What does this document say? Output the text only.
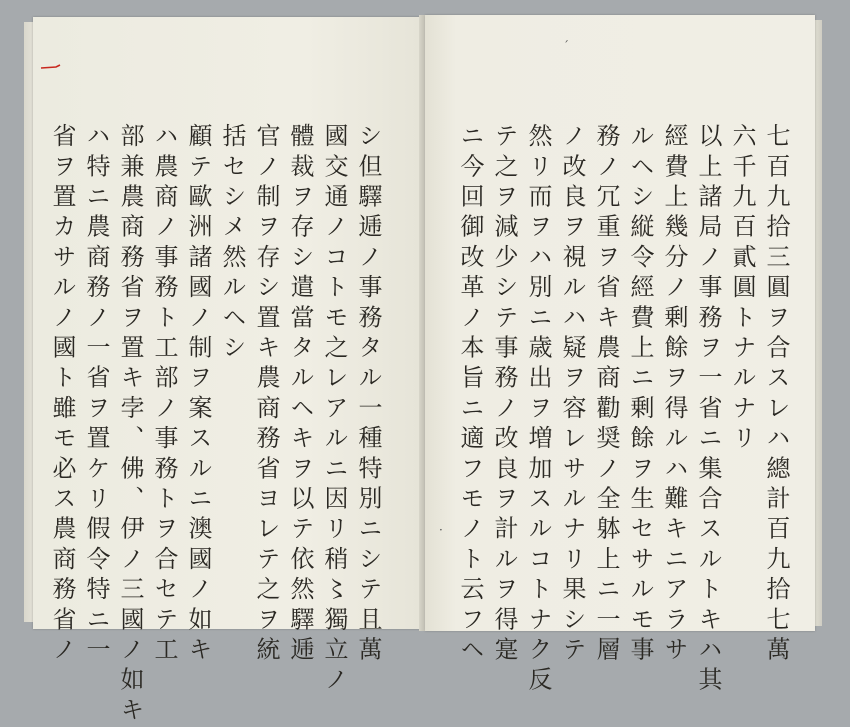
シ但驛逓ノ事務タル一種特別ニシテ且萬
國交通ノコトモ之レアルニ因リ稍〻獨立ノ
體裁ヲ存シ遣當タルヘキヲ以テ依然驛逓
官ノ制ヲ存シ置キ農商務省ヨレテ之ヲ統
括セシメ然ルヘシ
顧テ歐洲諸國ノ制ヲ案スルニ澳國ノ如キ
ハ農商ノ事務ト工部ノ事務トヲ合セテ工
部兼農商務省ヲ置キ孛、佛、伊ノ三國ノ如キ
ハ特ニ農商務ノ一省ヲ置ケリ假令特ニ一
省ヲ置カサルノ國ト雖モ必ス農商務省ノ	七百九拾三圓ヲ合スレハ總計百九拾七萬
六千九百貳圓トナルナリ
以上諸局ノ事務ヲ一省ニ集合スルトキハ其
經費上幾分ノ剰餘ヲ得ルハ難キニアラサ
ルヘシ縦令經費上ニ剰餘ヲ生セサルモ事
務ノ冗重ヲ省キ農商勸奨ノ全躰上ニ一層
ノ改良ヲ視ルハ疑ヲ容レサルナリ果シテ
然リ而ヲハ別ニ歳出ヲ増加スルコトナク反
テ之ヲ減少シテ事務ノ改良ヲ計ルヲ得寔
ニ今回御改革ノ本旨ニ適フモノト云フヘ
ˊ
·
